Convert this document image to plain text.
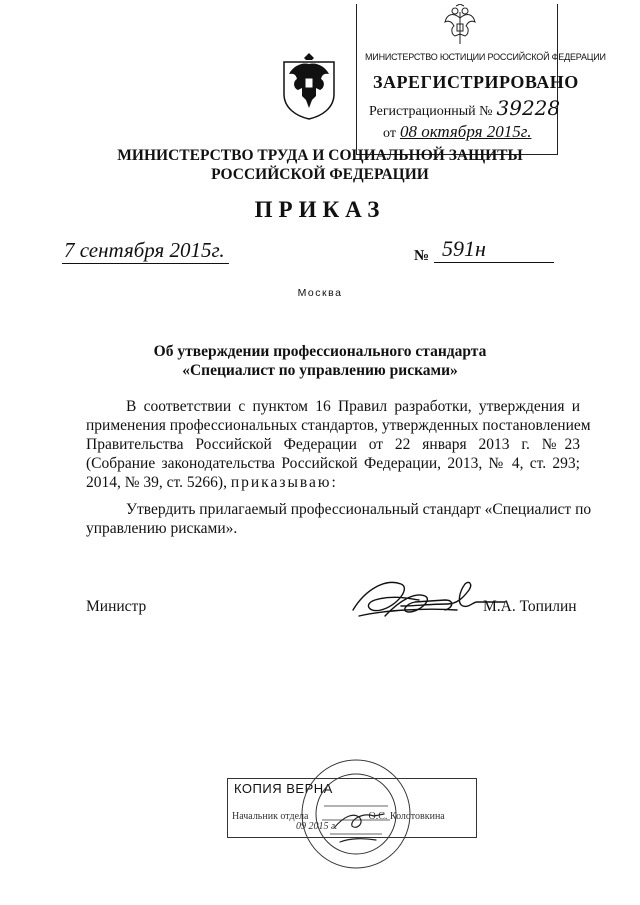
МИНИСТЕРСТВО ЮСТИЦИИ РОССИЙСКОЙ ФЕДЕРАЦИИ
ЗАРЕГИСТРИРОВАНО
Регистрационный № 39228
от 08 октября 2015г.
МИНИСТЕРСТВО ТРУДА И СОЦИАЛЬНОЙ ЗАЩИТЫ
РОССИЙСКОЙ ФЕДЕРАЦИИ
ПРИКАЗ
7 сентября 2015г.	№ 591н
Москва
Об утверждении профессионального стандарта
«Специалист по управлению рисками»
В соответствии с пунктом 16 Правил разработки, утверждения и
применения профессиональных стандартов, утвержденных постановлением
Правительства Российской Федерации от 22 января 2013 г. №23
(Собрание законодательства Российской Федерации, 2013, № 4, ст. 293;
2014, № 39, ст. 5266), приказываю:
Утвердить прилагаемый профессиональный стандарт «Специалист по
управлению рисками».
Министр	М.А. Топилин
КОПИЯ ВЕРНА
Начальник отдела	О.С. Колотовкина
09 2015 г.
